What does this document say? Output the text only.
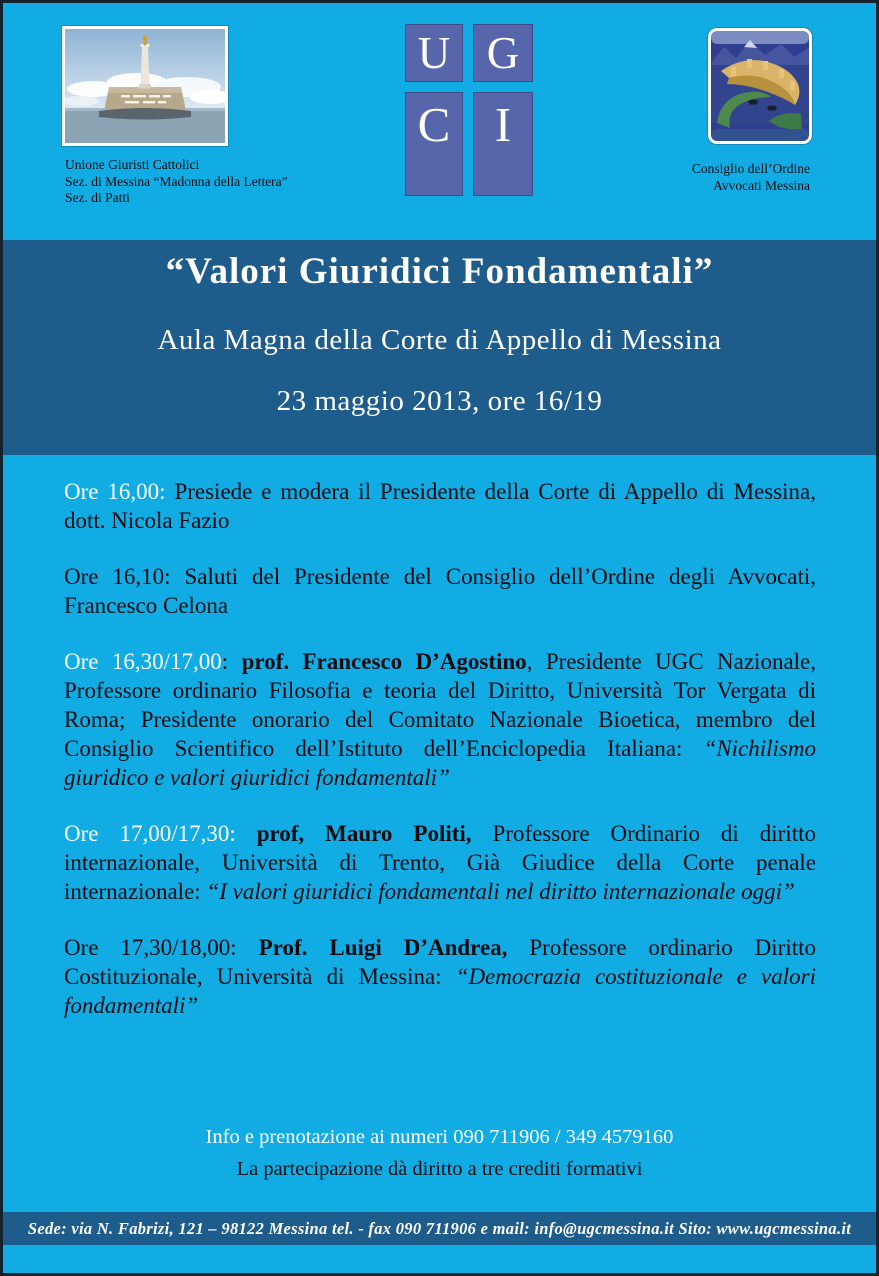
Unione Giuristi Cattolici
Sez. di Messina “Madonna della Lettera”
Sez. di Patti
U G
C I
Consiglio dell’Ordine
Avvocati Messina
“Valori Giuridici Fondamentali”
Aula Magna della Corte di Appello di Messina
23 maggio 2013, ore 16/19

Ore 16,00: Presiede e modera il Presidente della Corte di Appello di Messina, dott. Nicola Fazio

Ore 16,10: Saluti del Presidente del Consiglio dell’Ordine degli Avvocati, Francesco Celona

Ore 16,30/17,00: prof. Francesco D’Agostino, Presidente UGC Nazionale, Professore ordinario Filosofia e teoria del Diritto, Università Tor Vergata di Roma; Presidente onorario del Comitato Nazionale Bioetica, membro del Consiglio Scientifico dell’Istituto dell’Enciclopedia Italiana: “Nichilismo giuridico e valori giuridici fondamentali”

Ore 17,00/17,30: prof, Mauro Politi, Professore Ordinario di diritto internazionale, Università di Trento, Già Giudice della Corte penale internazionale: “I valori giuridici fondamentali nel diritto internazionale oggi”

Ore 17,30/18,00: Prof. Luigi D’Andrea, Professore ordinario Diritto Costituzionale, Università di Messina: “Democrazia costituzionale e valori fondamentali”

Info e prenotazione ai numeri 090 711906 / 349 4579160
La partecipazione dà diritto a tre crediti formativi
Sede: via N. Fabrizi, 121 – 98122 Messina tel. - fax 090 711906 e mail: info@ugcmessina.it Sito: www.ugcmessina.it
